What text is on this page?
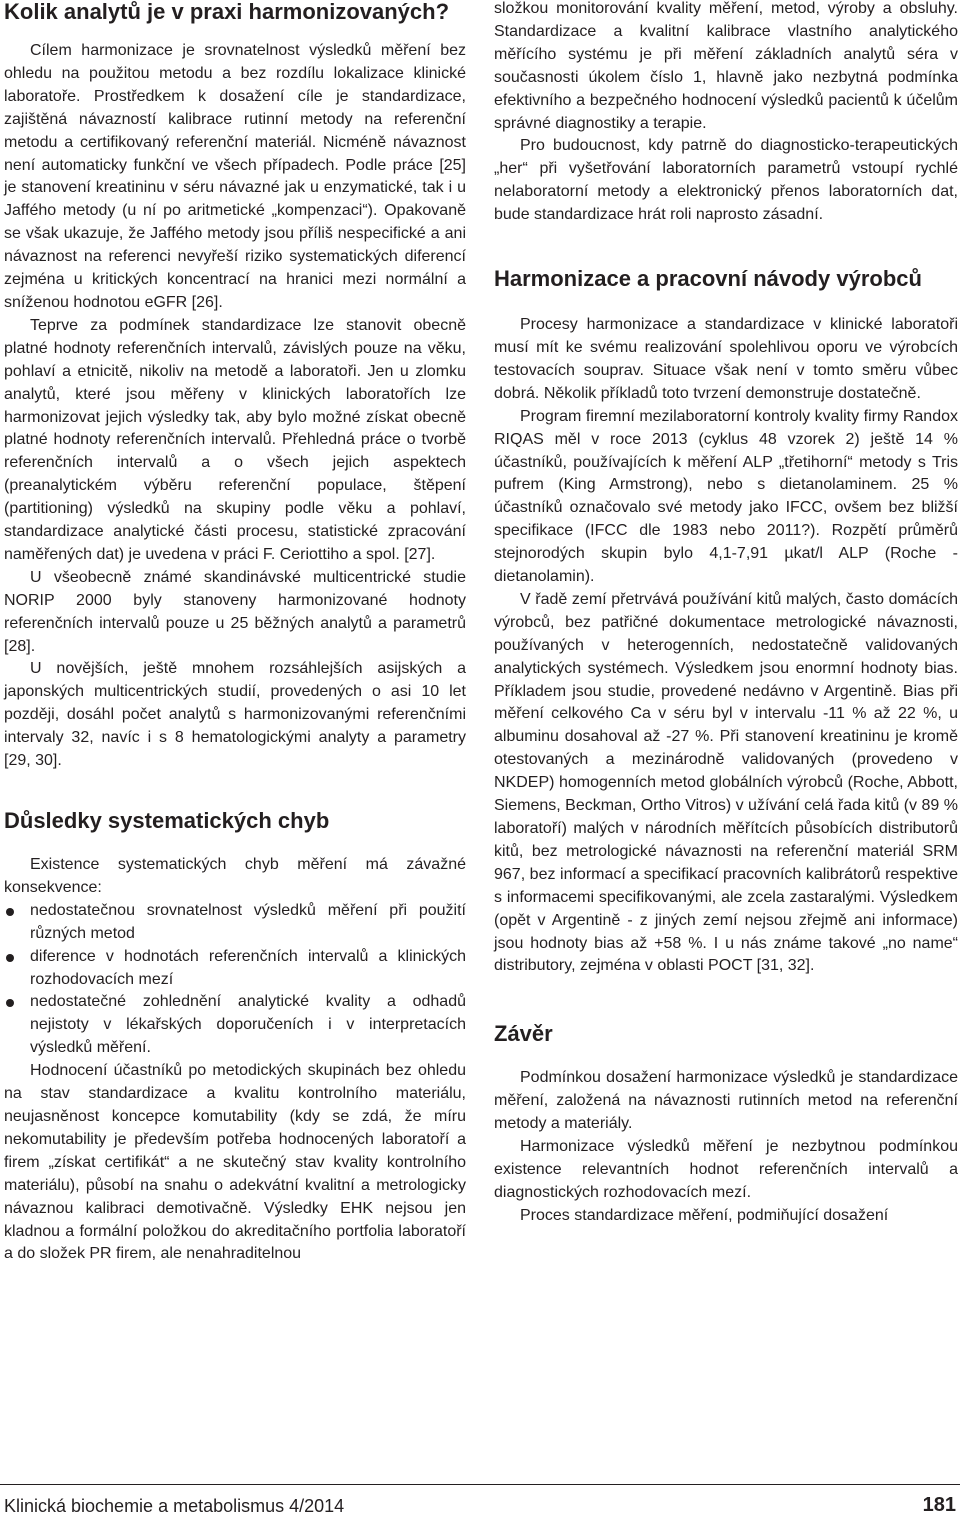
Kolik analytů je v praxi harmonizovaných?

Cílem harmonizace je srovnatelnost výsledků měření bez ohledu na použitou metodu a bez rozdílu lokalizace klinické laboratoře. Prostředkem k dosažení cíle je standardizace, zajištěná návazností kalibrace rutinní metody na referenční metodu a certifikovaný referenční materiál. Nicméně návaznost není automaticky funkční ve všech případech. Podle práce [25] je stanovení kreatininu v séru návazné jak u enzymatické, tak i u Jaffého metody (u ní po aritmetické „kompenzaci“). Opakovaně se však ukazuje, že Jaffého metody jsou příliš nespecifické a ani návaznost na referenci nevyřeší riziko systematických diferencí zejména u kritických koncentrací na hranici mezi normální a sníženou hodnotou eGFR [26].

Teprve za podmínek standardizace lze stanovit obecně platné hodnoty referenčních intervalů, závislých pouze na věku, pohlaví a etnicitě, nikoliv na metodě a laboratoři. Jen u zlomku analytů, které jsou měřeny v klinických laboratořích lze harmonizovat jejich výsledky tak, aby bylo možné získat obecně platné hodnoty referenčních intervalů. Přehledná práce o tvorbě referenčních intervalů a o všech jejich aspektech (preanalytickém výběru referenční populace, štěpení (partitioning) výsledků na skupiny podle věku a pohlaví, standardizace analytické části procesu, statistické zpracování naměřených dat) je uvedena v práci F. Ceriottiho a spol. [27].

U všeobecně známé skandinávské multicentrické studie NORIP 2000 byly stanoveny harmonizované hodnoty referenčních intervalů pouze u 25 běžných analytů a parametrů [28].

U novějších, ještě mnohem rozsáhlejších asijských a japonských multicentrických studií, provedených o asi 10 let později, dosáhl počet analytů s harmonizovanými referenčními intervaly 32, navíc i s 8 hematologickými analyty a parametry [29, 30].

Důsledky systematických chyb

Existence systematických chyb měření má závažné konsekvence:

nedostatečnou srovnatelnost výsledků měření při použití různých metod
diference v hodnotách referenčních intervalů a klinických rozhodovacích mezí
nedostatečné zohlednění analytické kvality a odhadů nejistoty v lékařských doporučeních i v interpretacích výsledků měření.

Hodnocení účastníků po metodických skupinách bez ohledu na stav standardizace a kvalitu kontrolního materiálu, neujasněnost koncepce komutability (kdy se zdá, že míru nekomutability je především potřeba hodnocených laboratoří a firem „získat certifikát“ a ne skutečný stav kvality kontrolního materiálu), působí na snahu o adekvátní kvalitní a metrologicky návaznou kalibraci demotivačně. Výsledky EHK nejsou jen kladnou a formální položkou do akreditačního portfolia laboratoří a do složek PR firem, ale nenahraditelnou

složkou monitorování kvality měření, metod, výroby a obsluhy. Standardizace a kvalitní kalibrace vlastního analytického měřícího systému je při měření základních analytů séra v současnosti úkolem číslo 1, hlavně jako nezbytná podmínka efektivního a bezpečného hodnocení výsledků pacientů k účelům správné diagnostiky a terapie.

Pro budoucnost, kdy patrně do diagnosticko-terapeutických „her“ při vyšetřování laboratorních parametrů vstoupí rychlé nelaboratorní metody a elektronický přenos laboratorních dat, bude standardizace hrát roli naprosto zásadní.

Harmonizace a pracovní návody výrobců

Procesy harmonizace a standardizace v klinické laboratoři musí mít ke svému realizování spolehlivou oporu ve výrobcích testovacích souprav. Situace však není v tomto směru vůbec dobrá. Několik příkladů toto tvrzení demonstruje dostatečně.

Program firemní mezilaboratorní kontroly kvality firmy Randox RIQAS měl v roce 2013 (cyklus 48 vzorek 2) ještě 14 % účastníků, používajících k měření ALP „třetihorní“ metody s Tris pufrem (King Armstrong), nebo s dietanolaminem. 25 % účastníků označovalo své metody jako IFCC, ovšem bez bližší specifikace (IFCC dle 1983 nebo 2011?). Rozpětí průměrů stejnorodých skupin bylo 4,1-7,91 µkat/l ALP (Roche - dietanolamin).

V řadě zemí přetrvává používání kitů malých, často domácích výrobců, bez patřičné dokumentace metrologické návaznosti, používaných v heterogenních, nedostatečně validovaných analytických systémech. Výsledkem jsou enormní hodnoty bias. Příkladem jsou studie, provedené nedávno v Argentině. Bias při měření celkového Ca v séru byl v intervalu -11 % až 22 %, u albuminu dosahoval až -27 %. Při stanovení kreatininu je kromě otestovaných a mezinárodně validovaných (provedeno v NKDEP) homogenních metod globálních výrobců (Roche, Abbott, Siemens, Beckman, Ortho Vitros) v užívání celá řada kitů (v 89 % laboratoří) malých v národních měřítcích působících distributorů kitů, bez metrologické návaznosti na referenční materiál SRM 967, bez informací a specifikací pracovních kalibrátorů respektive s informacemi specifikovanými, ale zcela zastaralými. Výsledkem (opět v Argentině - z jiných zemí nejsou zřejmě ani informace) jsou hodnoty bias až +58 %. I u nás známe takové „no name“ distributory, zejména v oblasti POCT [31, 32].

Závěr

Podmínkou dosažení harmonizace výsledků je standardizace měření, založená na návaznosti rutinních metod na referenční metody a materiály.

Harmonizace výsledků měření je nezbytnou podmínkou existence relevantních hodnot referenčních intervalů a diagnostických rozhodovacích mezí.

Proces standardizace měření, podmiňující dosažení

Klinická biochemie a metabolismus 4/2014	181
